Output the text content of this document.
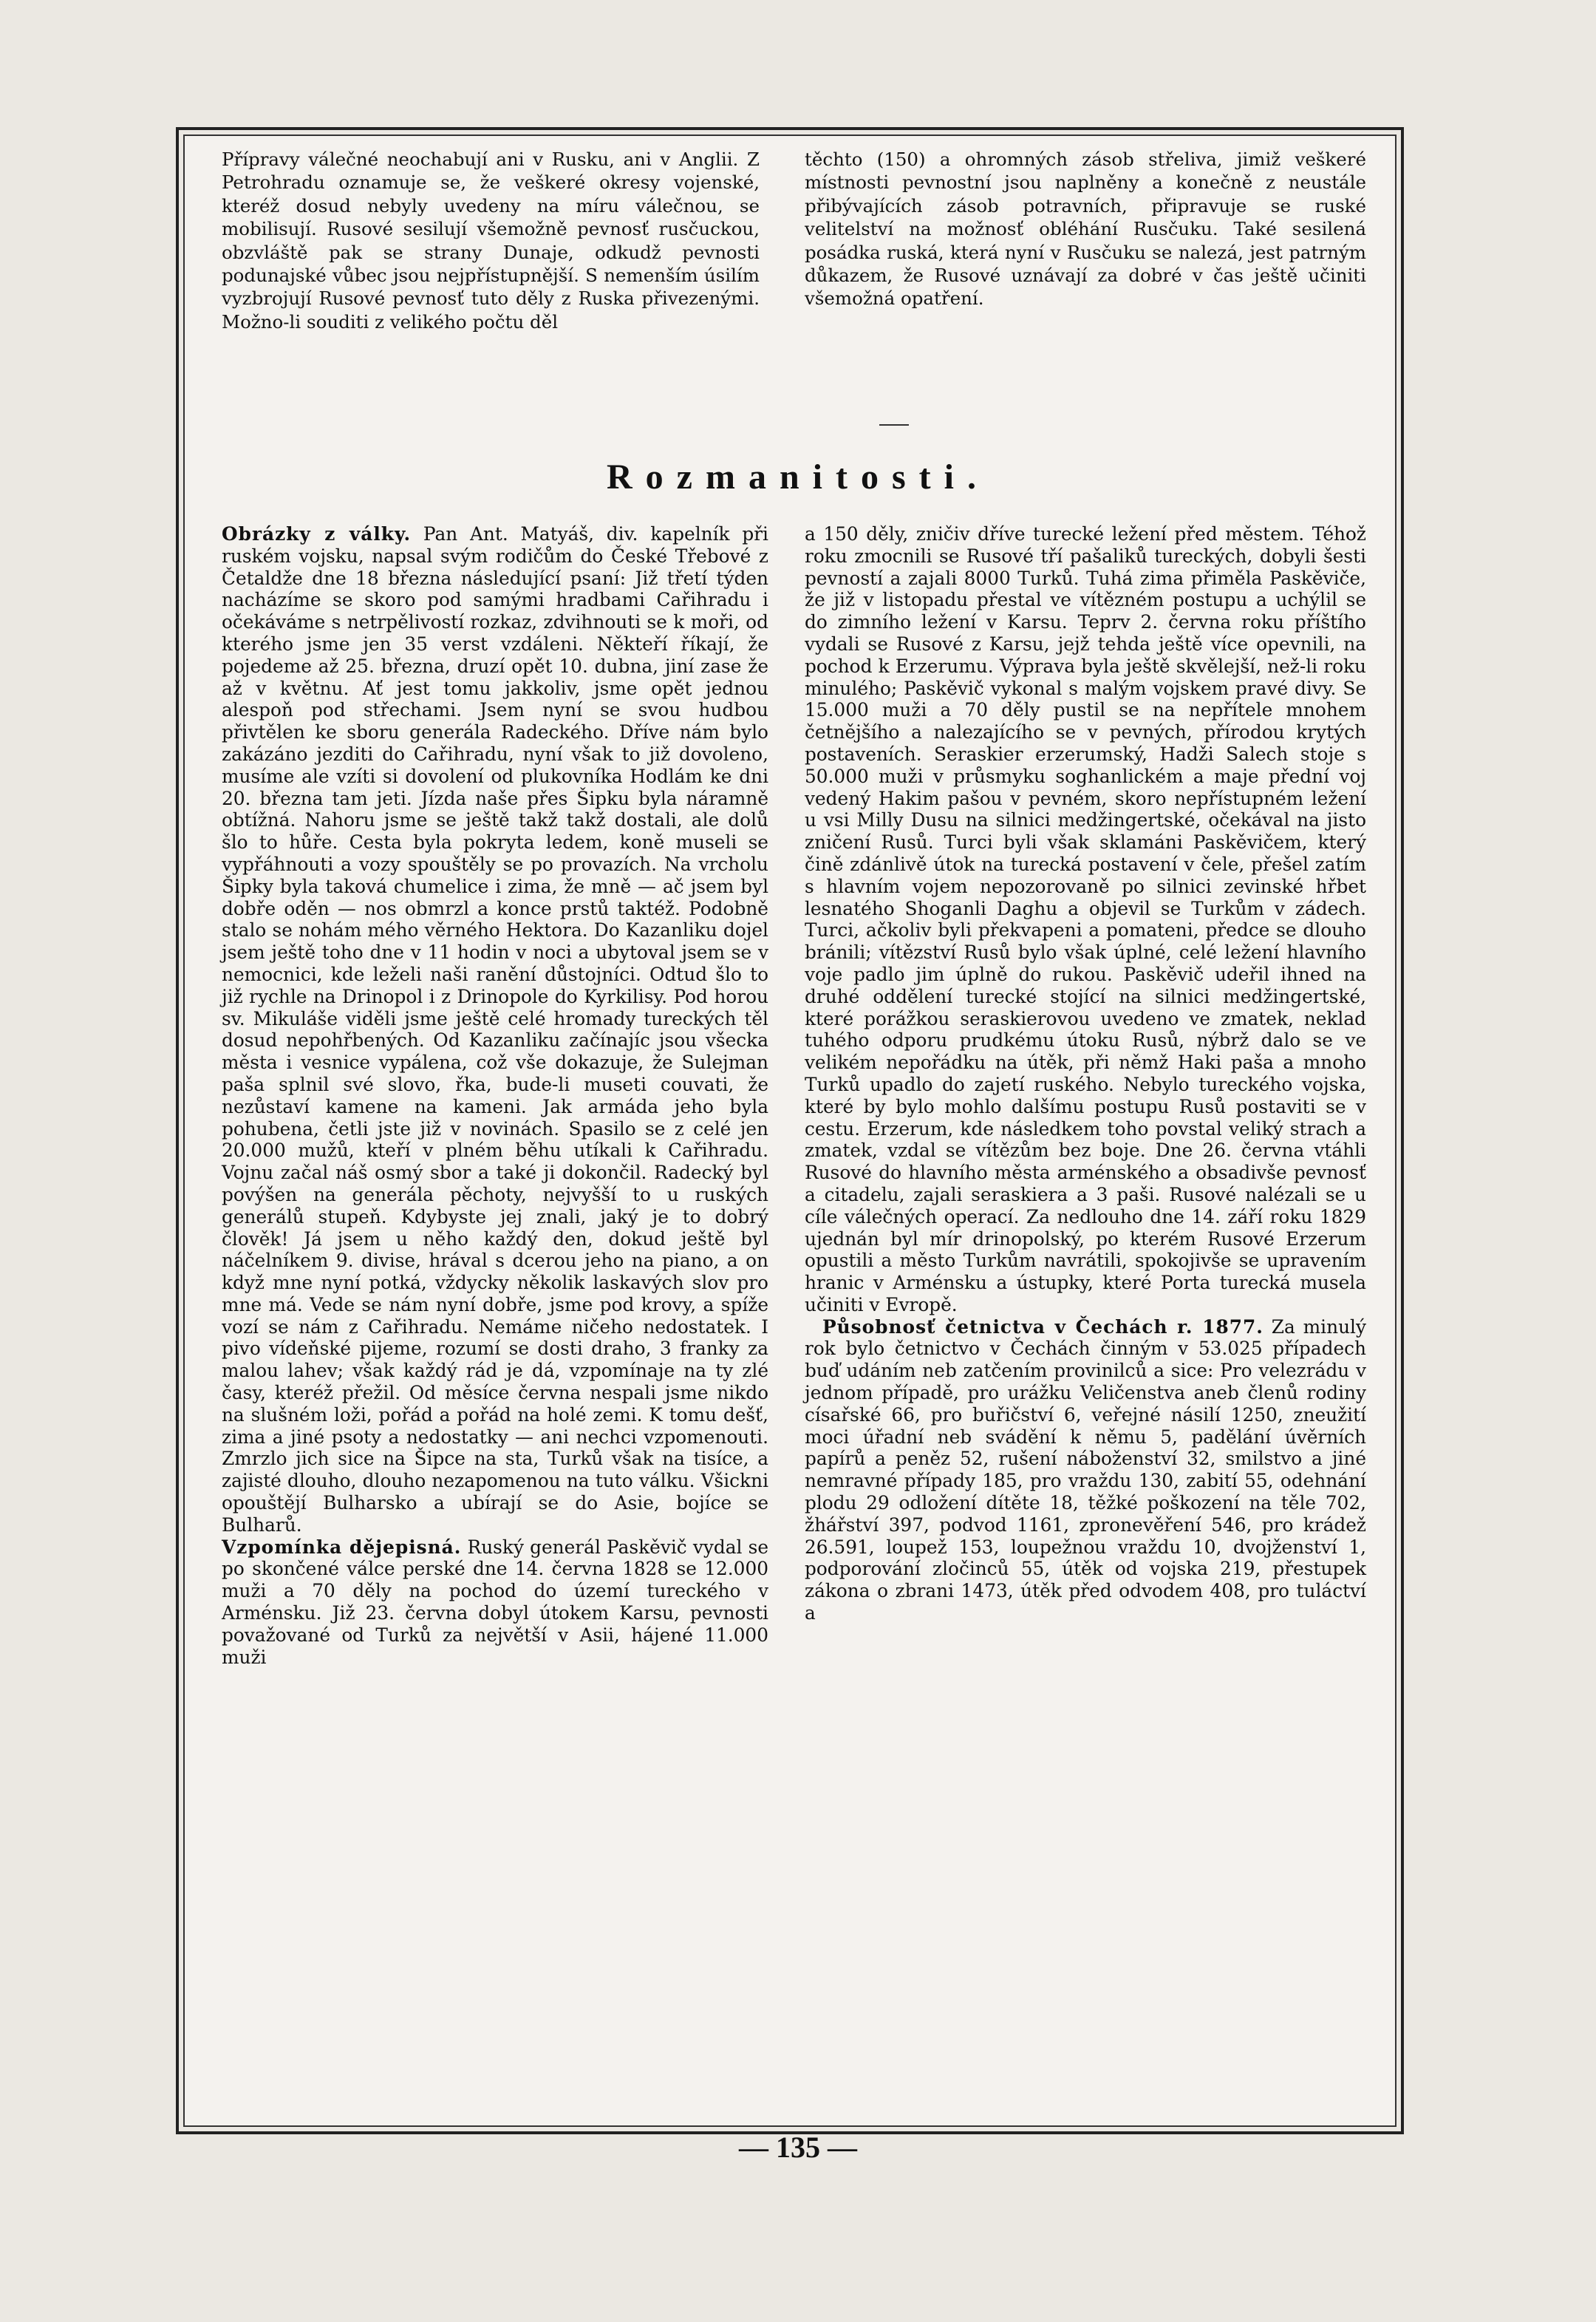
Přípravy válečné neochabují ani v Rusku, ani v Anglii. Z Petrohradu oznamuje se, že veškeré okresy vojenské, kteréž dosud nebyly uvedeny na míru válečnou, se mobilisují. Rusové sesilují všemožně pevnosť rusčuckou, obzvláště pak se strany Dunaje, odkudž pevnosti podunajské vůbec jsou nejpřístupnější. S nemenším úsilím vyzbrojují Rusové pevnosť tuto děly z Ruska přivezenými. Možno-li souditi z velikého počtu děl

těchto (150) a ohromných zásob střeliva, jimiž veškeré místnosti pevnostní jsou naplněny a konečně z neustále přibývajících zásob potravních, připravuje se ruské velitelství na možnosť obléhání Rusčuku. Také sesilená posádka ruská, která nyní v Rusčuku se nalezá, jest patrným důkazem, že Rusové uznávají za dobré v čas ještě učiniti všemožná opatření.

Rozmanitosti.

Obrázky z války. Pan Ant. Matyáš, div. kapelník při ruském vojsku, napsal svým rodičům do České Třebové z Četaldže dne 18 března následující psaní: Již třetí týden nacházíme se skoro pod samými hradbami Cařihradu i očekáváme s netrpělivostí rozkaz, zdvihnouti se k moři, od kterého jsme jen 35 verst vzdáleni. Někteří říkají, že pojedeme až 25. března, druzí opět 10. dubna, jiní zase že až v květnu. Ať jest tomu jakkoliv, jsme opět jednou alespoň pod střechami. Jsem nyní se svou hudbou přivtělen ke sboru generála Radeckého. Dříve nám bylo zakázáno jezditi do Cařihradu, nyní však to již dovoleno, musíme ale vzíti si dovolení od plukovníka Hodlám ke dni 20. března tam jeti. Jízda naše přes Šipku byla náramně obtížná. Nahoru jsme se ještě takž takž dostali, ale dolů šlo to hůře. Cesta byla pokryta ledem, koně museli se vypřáhnouti a vozy spouštěly se po provazích. Na vrcholu Šipky byla taková chumelice i zima, že mně — ač jsem byl dobře oděn — nos obmrzl a konce prstů taktéž. Podobně stalo se nohám mého věrného Hektora. Do Kazanliku dojel jsem ještě toho dne v 11 hodin v noci a ubytoval jsem se v nemocnici, kde leželi naši ranění důstojníci. Odtud šlo to již rychle na Drinopol i z Drinopole do Kyrkilisy. Pod horou sv. Mikuláše viděli jsme ještě celé hromady tureckých těl dosud nepohřbených. Od Kazanliku začínajíc jsou všecka města i vesnice vypálena, což vše dokazuje, že Sulejman paša splnil své slovo, řka, bude-li museti couvati, že nezůstaví kamene na kameni. Jak armáda jeho byla pohubena, četli jste již v novinách. Spasilo se z celé jen 20.000 mužů, kteří v plném běhu utíkali k Cařihradu. Vojnu začal náš osmý sbor a také ji dokončil. Radecký byl povýšen na generála pěchoty, nejvyšší to u ruských generálů stupeň. Kdybyste jej znali, jaký je to dobrý člověk! Já jsem u něho každý den, dokud ještě byl náčelníkem 9. divise, hrával s dcerou jeho na piano, a on když mne nyní potká, vždycky několik laskavých slov pro mne má. Vede se nám nyní dobře, jsme pod krovy, a spíže vozí se nám z Cařihradu. Nemáme ničeho nedostatek. I pivo vídeňské pijeme, rozumí se dosti draho, 3 franky za malou lahev; však každý rád je dá, vzpomínaje na ty zlé časy, kteréž přežil. Od měsíce června nespali jsme nikdo na slušném loži, pořád a pořád na holé zemi. K tomu dešť, zima a jiné psoty a nedostatky — ani nechci vzpomenouti. Zmrzlo jich sice na Šipce na sta, Turků však na tisíce, a zajisté dlouho, dlouho nezapomenou na tuto válku. Všickni opouštějí Bulharsko a ubírají se do Asie, bojíce se Bulharů.

Vzpomínka dějepisná. Ruský generál Paskěvič vydal se po skončené válce perské dne 14. června 1828 se 12.000 muži a 70 děly na pochod do území tureckého v Arménsku. Již 23. června dobyl útokem Karsu, pevnosti považované od Turků za největší v Asii, hájené 11.000 muži

a 150 děly, zničiv dříve turecké ležení před městem. Téhož roku zmocnili se Rusové tří pašaliků tureckých, dobyli šesti pevností a zajali 8000 Turků. Tuhá zima přiměla Paskěviče, že již v listopadu přestal ve vítězném postupu a uchýlil se do zimního ležení v Karsu. Teprv 2. června roku příštího vydali se Rusové z Karsu, jejž tehda ještě více opevnili, na pochod k Erzerumu. Výprava byla ještě skvělejší, než-li roku minulého; Paskěvič vykonal s malým vojskem pravé divy. Se 15.000 muži a 70 děly pustil se na nepřítele mnohem četnějšího a nalezajícího se v pevných, přírodou krytých postaveních. Seraskier erzerumský, Hadži Salech stoje s 50.000 muži v průsmyku soghanlickém a maje přední voj vedený Hakim pašou v pevném, skoro nepřístupném ležení u vsi Milly Dusu na silnici medžingertské, očekával na jisto zničení Rusů. Turci byli však sklamáni Paskěvičem, který čině zdánlivě útok na turecká postavení v čele, přešel zatím s hlavním vojem nepozorovaně po silnici zevinské hřbet lesnatého Shoganli Daghu a objevil se Turkům v zádech. Turci, ačkoliv byli překvapeni a pomateni, předce se dlouho bránili; vítězství Rusů bylo však úplné, celé ležení hlavního voje padlo jim úplně do rukou. Paskěvič udeřil ihned na druhé oddělení turecké stojící na silnici medžingertské, které porážkou seraskierovou uvedeno ve zmatek, neklad tuhého odporu prudkému útoku Rusů, nýbrž dalo se ve velikém nepořádku na útěk, při němž Haki paša a mnoho Turků upadlo do zajetí ruského. Nebylo tureckého vojska, které by bylo mohlo dalšímu postupu Rusů postaviti se v cestu. Erzerum, kde následkem toho povstal veliký strach a zmatek, vzdal se vítězům bez boje. Dne 26. června vtáhli Rusové do hlavního města arménského a obsadivše pevnosť a citadelu, zajali seraskiera a 3 paši. Rusové nalézali se u cíle válečných operací. Za nedlouho dne 14. září roku 1829 ujednán byl mír drinopolský, po kterém Rusové Erzerum opustili a město Turkům navrátili, spokojivše se upravením hranic v Arménsku a ústupky, které Porta turecká musela učiniti v Evropě.

Působnosť četnictva v Čechách r. 1877. Za minulý rok bylo četnictvo v Čechách činným v 53.025 případech buď udáním neb zatčením provinilců a sice: Pro velezrádu v jednom případě, pro urážku Veličenstva aneb členů rodiny císařské 66, pro buřičství 6, veřejné násilí 1250, zneužití moci úřadní neb svádění k němu 5, padělání úvěrních papírů a peněz 52, rušení náboženství 32, smilstvo a jiné nemravné případy 185, pro vraždu 130, zabití 55, odehnání plodu 29 odložení dítěte 18, těžké poškození na těle 702, žhářství 397, podvod 1161, zpronevěření 546, pro krádež 26.591, loupež 153, loupežnou vraždu 10, dvojženství 1, podporování zločinců 55, útěk od vojska 219, přestupek zákona o zbrani 1473, útěk před odvodem 408, pro tuláctví a

— 135 —
